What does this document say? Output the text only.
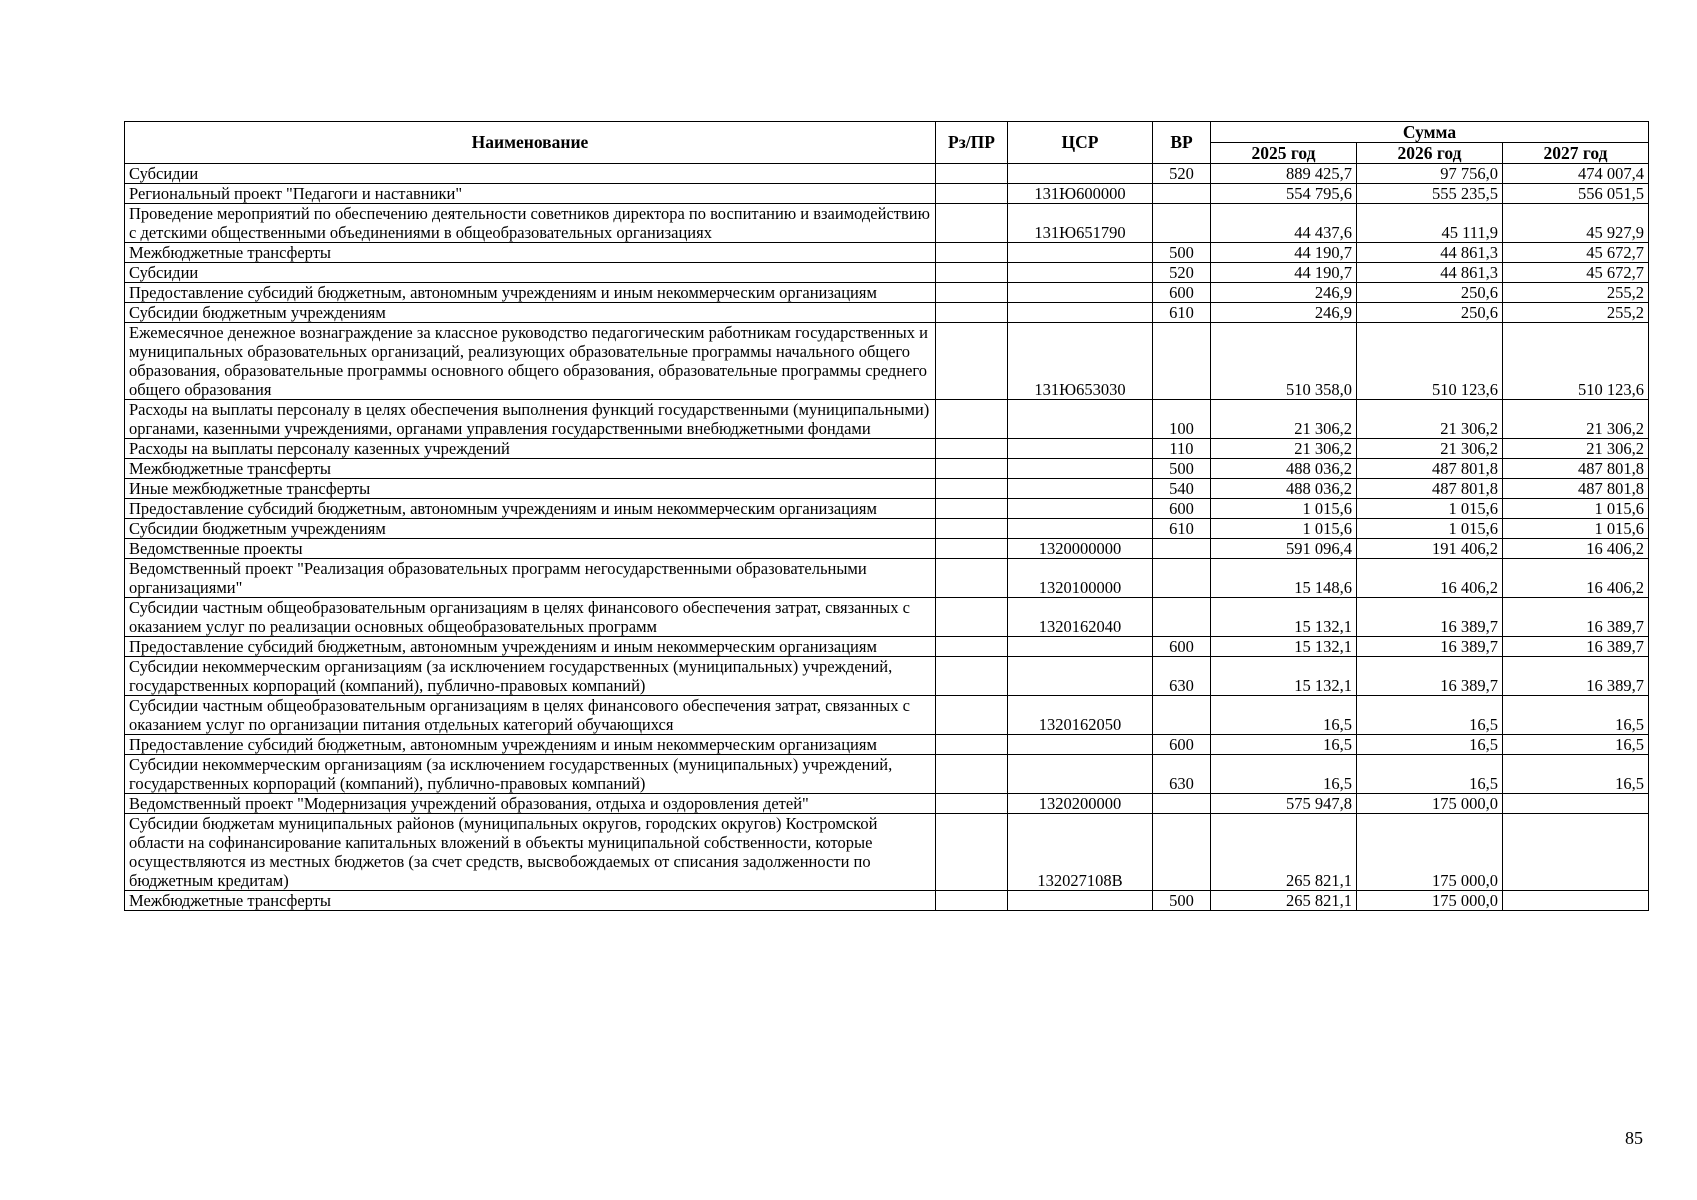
Наименование	Рз/ПР	ЦСР	ВР	Сумма		
				2025 год	2026 год	2027 год
Субсидии			520	889 425,7	97 756,0	474 007,4
Региональный проект "Педагоги и наставники"		131Ю600000		554 795,6	555 235,5	556 051,5
Проведение мероприятий по обеспечению деятельности советников директора по воспитанию и взаимодействию с детскими общественными объединениями в общеобразовательных организациях		131Ю651790		44 437,6	45 111,9	45 927,9
Межбюджетные трансферты			500	44 190,7	44 861,3	45 672,7
Субсидии			520	44 190,7	44 861,3	45 672,7
Предоставление субсидий бюджетным, автономным учреждениям и иным некоммерческим организациям			600	246,9	250,6	255,2
Субсидии бюджетным учреждениям			610	246,9	250,6	255,2
Ежемесячное денежное вознаграждение за классное руководство педагогическим работникам государственных и муниципальных образовательных организаций, реализующих образовательные программы начального общего образования, образовательные программы основного общего образования, образовательные программы среднего общего образования		131Ю653030		510 358,0	510 123,6	510 123,6
Расходы на выплаты персоналу в целях обеспечения выполнения функций государственными (муниципальными) органами, казенными учреждениями, органами управления государственными внебюджетными фондами			100	21 306,2	21 306,2	21 306,2
Расходы на выплаты персоналу казенных учреждений			110	21 306,2	21 306,2	21 306,2
Межбюджетные трансферты			500	488 036,2	487 801,8	487 801,8
Иные межбюджетные трансферты			540	488 036,2	487 801,8	487 801,8
Предоставление субсидий бюджетным, автономным учреждениям и иным некоммерческим организациям			600	1 015,6	1 015,6	1 015,6
Субсидии бюджетным учреждениям			610	1 015,6	1 015,6	1 015,6
Ведомственные проекты		1320000000		591 096,4	191 406,2	16 406,2
Ведомственный проект "Реализация образовательных программ негосударственными образовательными организациями"		1320100000		15 148,6	16 406,2	16 406,2
Субсидии частным общеобразовательным организациям в целях финансового обеспечения затрат, связанных с оказанием услуг по реализации основных общеобразовательных программ		1320162040		15 132,1	16 389,7	16 389,7
Предоставление субсидий бюджетным, автономным учреждениям и иным некоммерческим организациям			600	15 132,1	16 389,7	16 389,7
Субсидии некоммерческим организациям (за исключением государственных (муниципальных) учреждений, государственных корпораций (компаний), публично-правовых компаний)			630	15 132,1	16 389,7	16 389,7
Субсидии частным общеобразовательным организациям в целях финансового обеспечения затрат, связанных с оказанием услуг по организации питания отдельных категорий обучающихся		1320162050		16,5	16,5	16,5
Предоставление субсидий бюджетным, автономным учреждениям и иным некоммерческим организациям			600	16,5	16,5	16,5
Субсидии некоммерческим организациям (за исключением государственных (муниципальных) учреждений, государственных корпораций (компаний), публично-правовых компаний)			630	16,5	16,5	16,5
Ведомственный проект "Модернизация учреждений образования, отдыха и оздоровления детей"		1320200000		575 947,8	175 000,0	
Субсидии бюджетам муниципальных районов (муниципальных округов, городских округов) Костромской области на софинансирование капитальных вложений в объекты муниципальной собственности, которые осуществляются из местных бюджетов (за счет средств, высвобождаемых от списания задолженности по бюджетным кредитам)		132027108В		265 821,1	175 000,0	
Межбюджетные трансферты			500	265 821,1	175 000,0	
85
